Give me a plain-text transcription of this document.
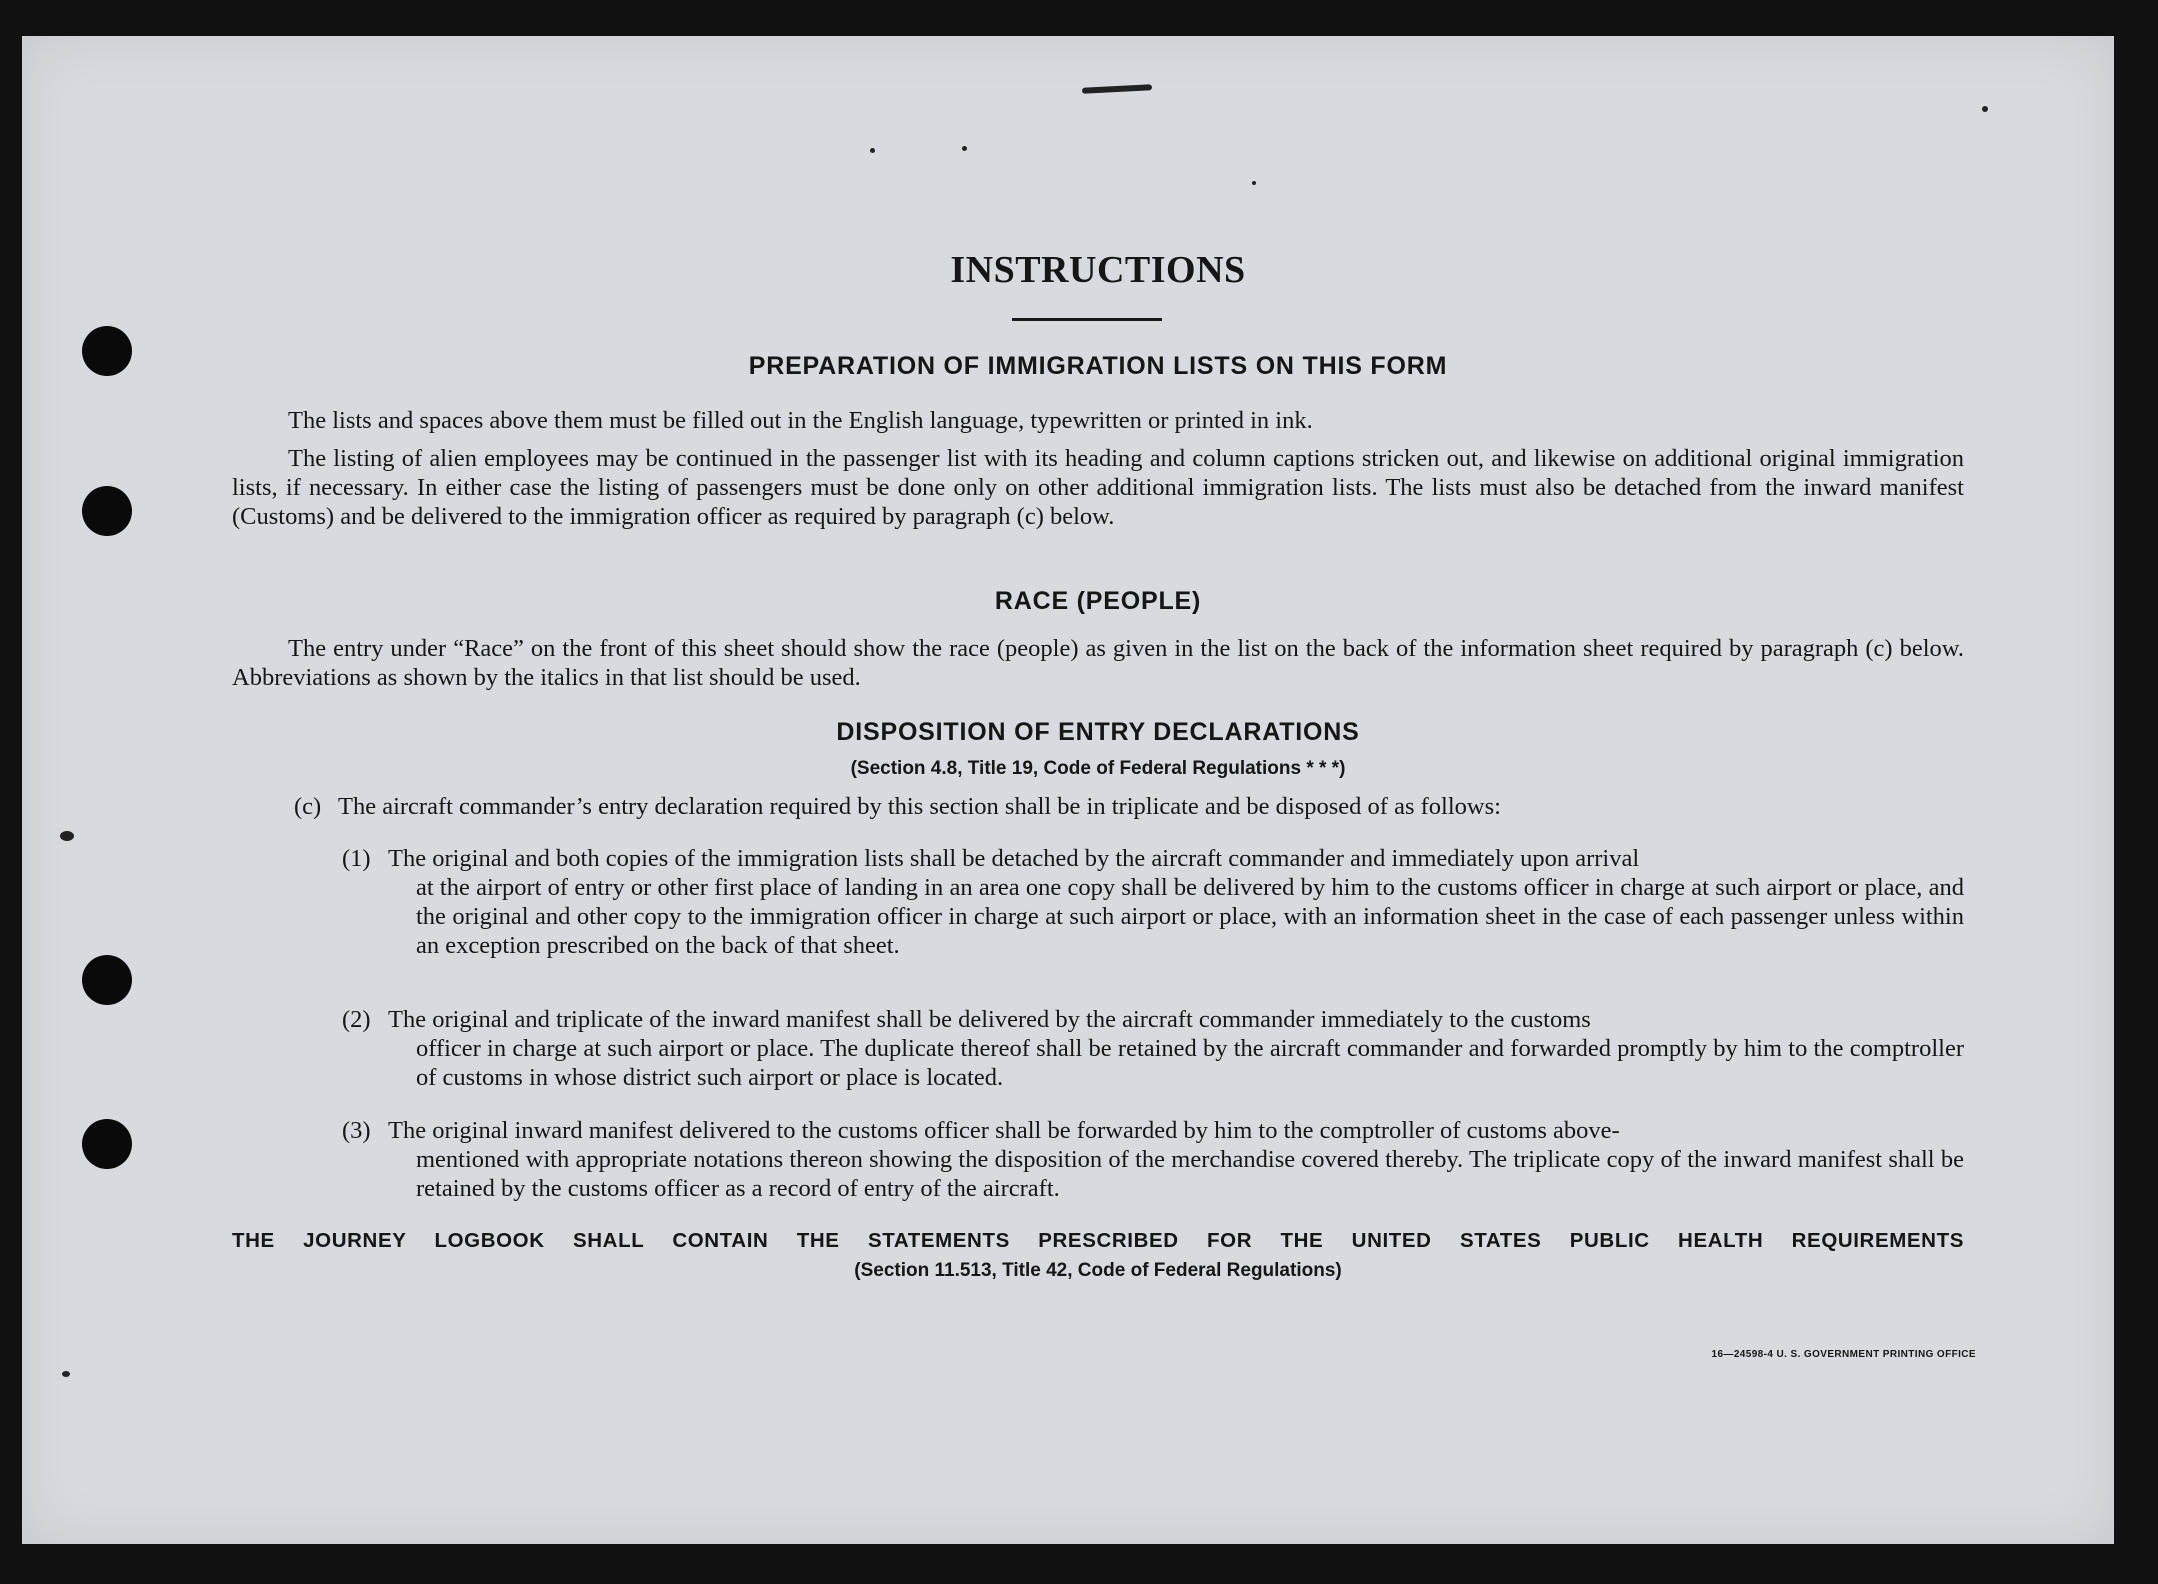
INSTRUCTIONS
PREPARATION OF IMMIGRATION LISTS ON THIS FORM
The lists and spaces above them must be filled out in the English language, typewritten or printed in ink.
The listing of alien employees may be continued in the passenger list with its heading and column captions stricken out, and likewise on additional original immigration lists, if necessary. In either case the listing of passengers must be done only on other additional immigration lists. The lists must also be detached from the inward manifest (Customs) and be delivered to the immigration officer as required by paragraph (c) below.
RACE (PEOPLE)
The entry under “Race” on the front of this sheet should show the race (people) as given in the list on the back of the information sheet required by paragraph (c) below. Abbreviations as shown by the italics in that list should be used.
DISPOSITION OF ENTRY DECLARATIONS
(Section 4.8, Title 19, Code of Federal Regulations * * *)
(c) The aircraft commander’s entry declaration required by this section shall be in triplicate and be disposed of as follows:
(1) The original and both copies of the immigration lists shall be detached by the aircraft commander and immediately upon arrival
at the airport of entry or other first place of landing in an area one copy shall be delivered by him to the customs officer in charge at such airport or place, and the original and other copy to the immigration officer in charge at such airport or place, with an information sheet in the case of each passenger unless within an exception prescribed on the back of that sheet.
(2) The original and triplicate of the inward manifest shall be delivered by the aircraft commander immediately to the customs
officer in charge at such airport or place. The duplicate thereof shall be retained by the aircraft commander and forwarded promptly by him to the comptroller of customs in whose district such airport or place is located.
(3) The original inward manifest delivered to the customs officer shall be forwarded by him to the comptroller of customs above-
mentioned with appropriate notations thereon showing the disposition of the merchandise covered thereby. The triplicate copy of the inward manifest shall be retained by the customs officer as a record of entry of the aircraft.
THE JOURNEY LOGBOOK SHALL CONTAIN THE STATEMENTS PRESCRIBED FOR THE UNITED STATES PUBLIC HEALTH REQUIREMENTS
(Section 11.513, Title 42, Code of Federal Regulations)
16—24598-4 U. S. GOVERNMENT PRINTING OFFICE
